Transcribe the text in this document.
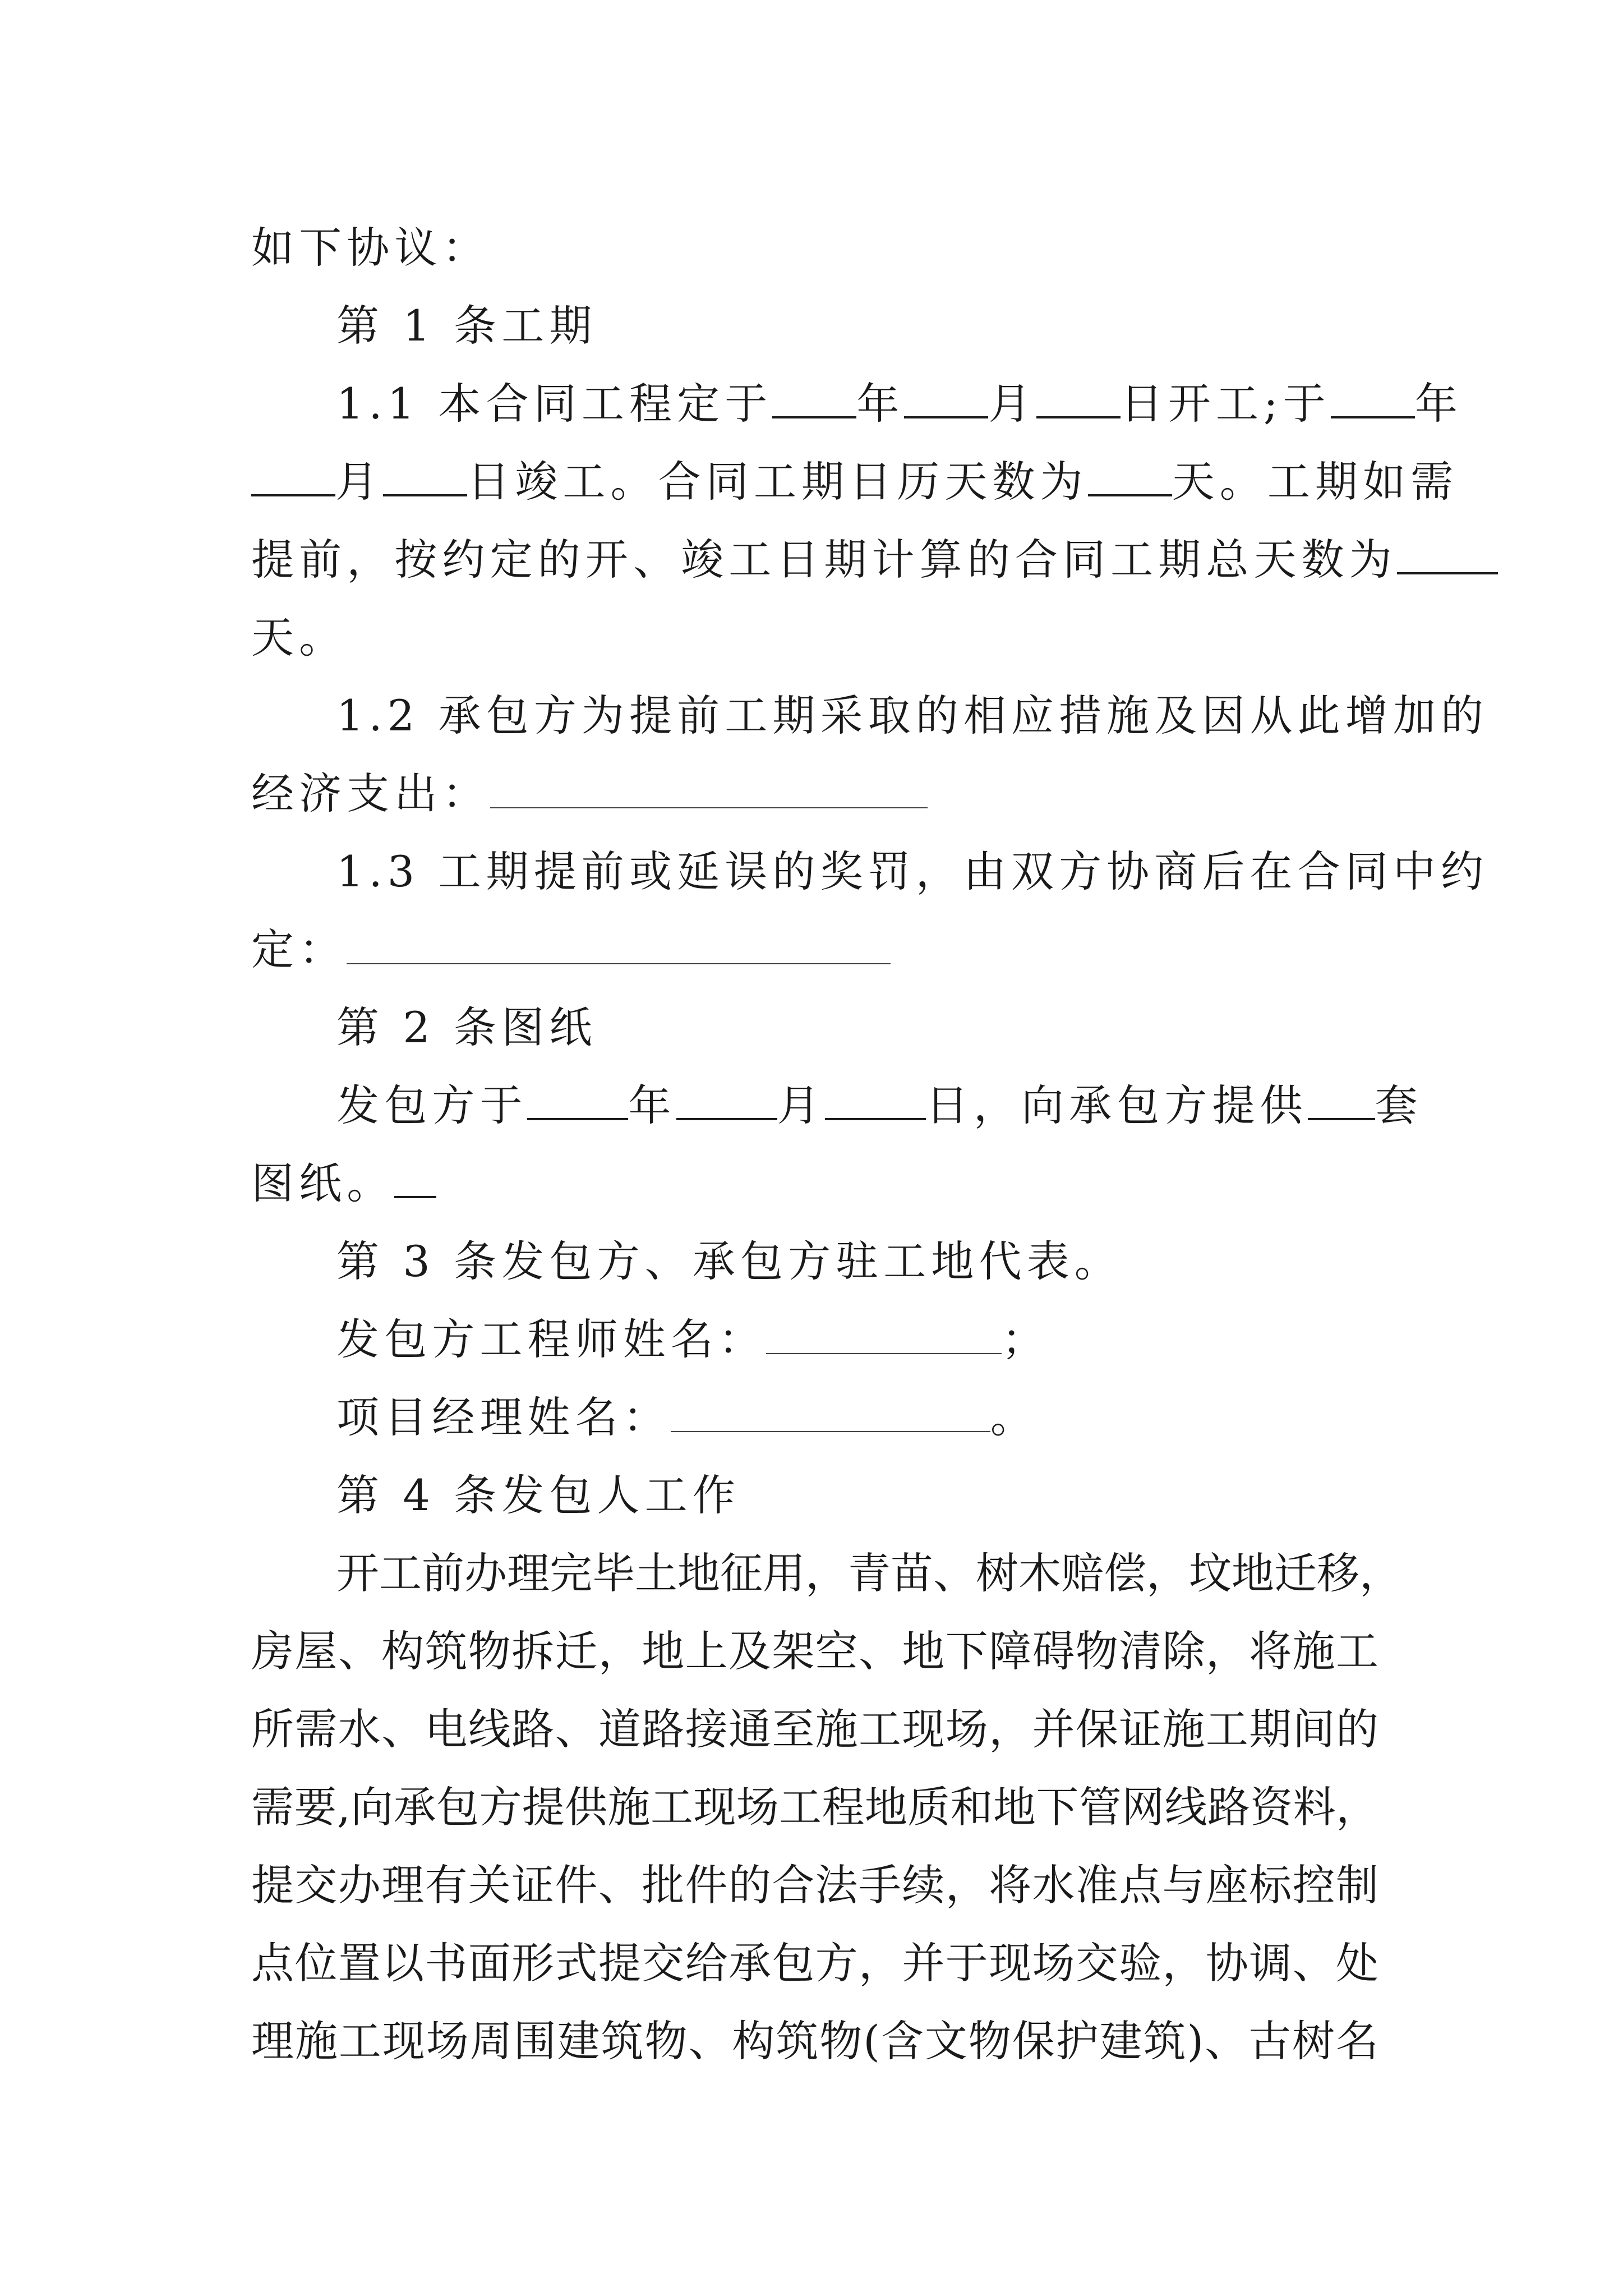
如下协议：
第 1 条工期
1.1 本合同工程定于 年 月 日开工;于 年
月 日竣工。合同工期日历天数为 天。工期如需
提前，按约定的开、竣工日期计算的合同工期总天数为
天。
1.2 承包方为提前工期采取的相应措施及因从此增加的
经济支出：
1.3 工期提前或延误的奖罚，由双方协商后在合同中约
定：
第 2 条图纸
发包方于 年 月 日，向承包方提供 套
图纸。
第 3 条发包方、承包方驻工地代表。
发包方工程师姓名：	；
项目经理姓名：	。
第 4 条发包人工作
开工前办理完毕土地征用，青苗、树木赔偿，坟地迁移，
房屋、构筑物拆迁，地上及架空、地下障碍物清除，将施工
所需水、电线路、道路接通至施工现场，并保证施工期间的
需要,向承包方提供施工现场工程地质和地下管网线路资料，
提交办理有关证件、批件的合法手续，将水准点与座标控制
点位置以书面形式提交给承包方，并于现场交验，协调、处
理施工现场周围建筑物、构筑物(含文物保护建筑)、古树名
